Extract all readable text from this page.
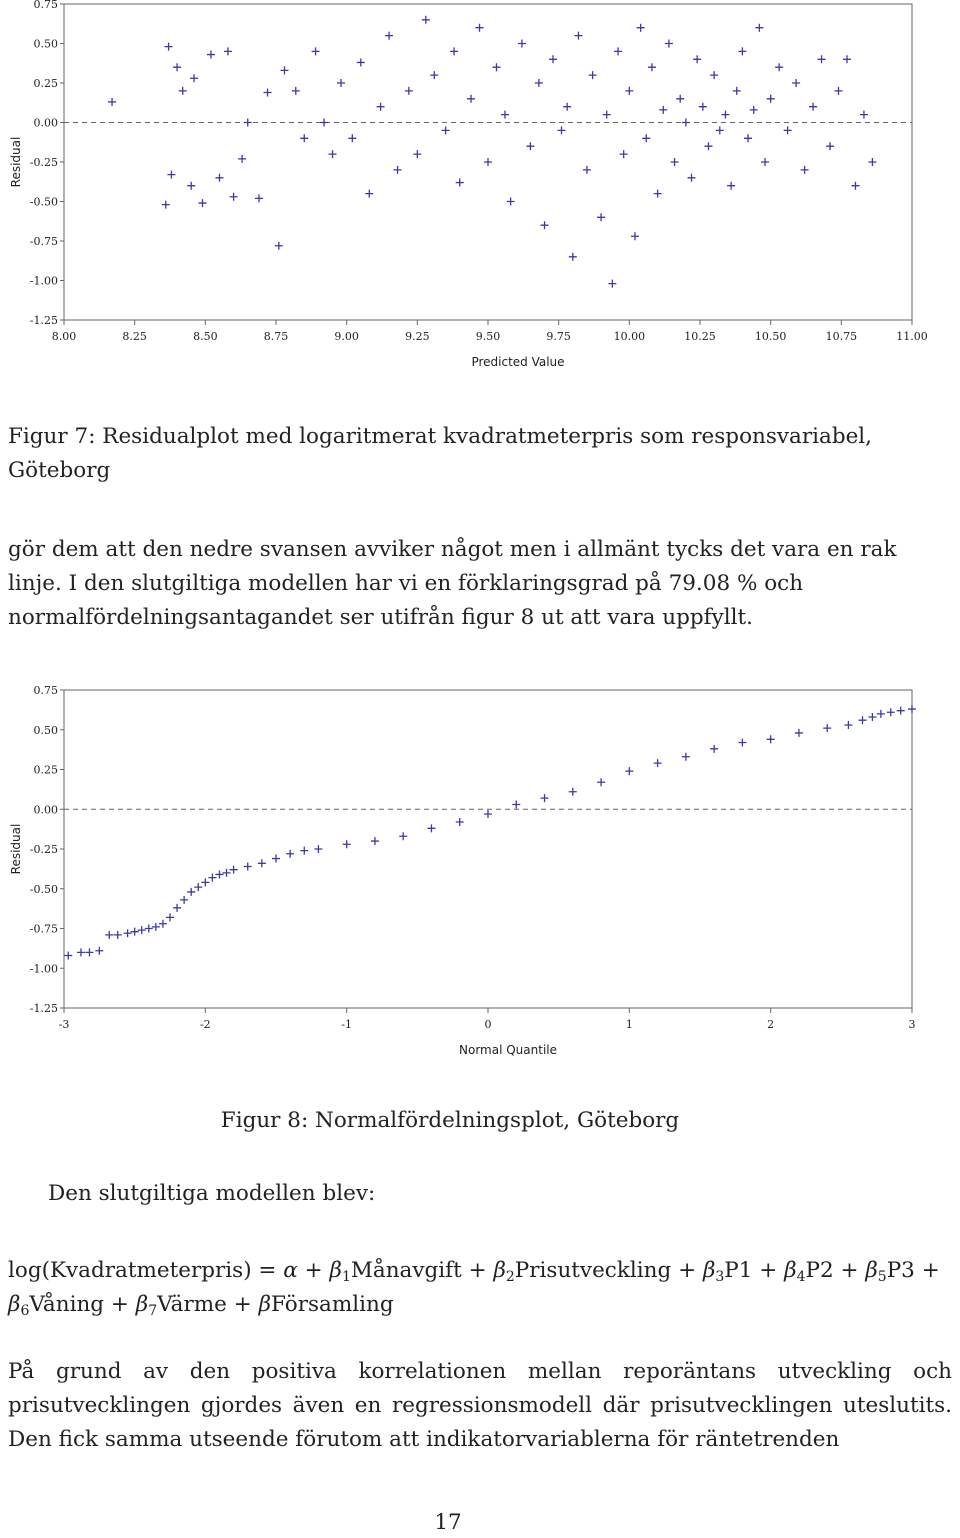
0.75
0.50
0.25
0.00
-0.25
-0.50
-0.75
-1.00
-1.25
8.00	8.25	8.50	8.75	9.00	9.25	9.50	9.75	10.00	10.25	10.50	10.75	11.00
Predicted Value
Residual

Figur 7: Residualplot med logaritmerat kvadratmeterpris som responsvariabel, Göteborg

gör dem att den nedre svansen avviker något men i allmänt tycks det vara en rak linje. I den slutgiltiga modellen har vi en förklaringsgrad på 79.08 % och normalfördelningsantagandet ser utifrån figur 8 ut att vara uppfyllt.

0.75
0.50
0.25
0.00
-0.25
-0.50
-0.75
-1.00
-1.25
-3	-2	-1	0	1	2	3
Normal Quantile
Residual

Figur 8: Normalfördelningsplot, Göteborg

Den slutgiltiga modellen blev:

log(Kvadratmeterpris) = $\alpha + \beta_1Månavgift$ + $\beta_2Prisutveckling + \beta_3P1 + \beta_4P2 + \beta_5P3$ + $\beta_6Våning$ + $\beta_7Värme$ + βFörsamling

På grund av den positiva korrelationen mellan reporäntans utveckling och prisutvecklingen gjordes även en regressionsmodell där prisutvecklingen uteslutits. Den fick samma utseende förutom att indikatorvariablerna för räntetrenden

17
